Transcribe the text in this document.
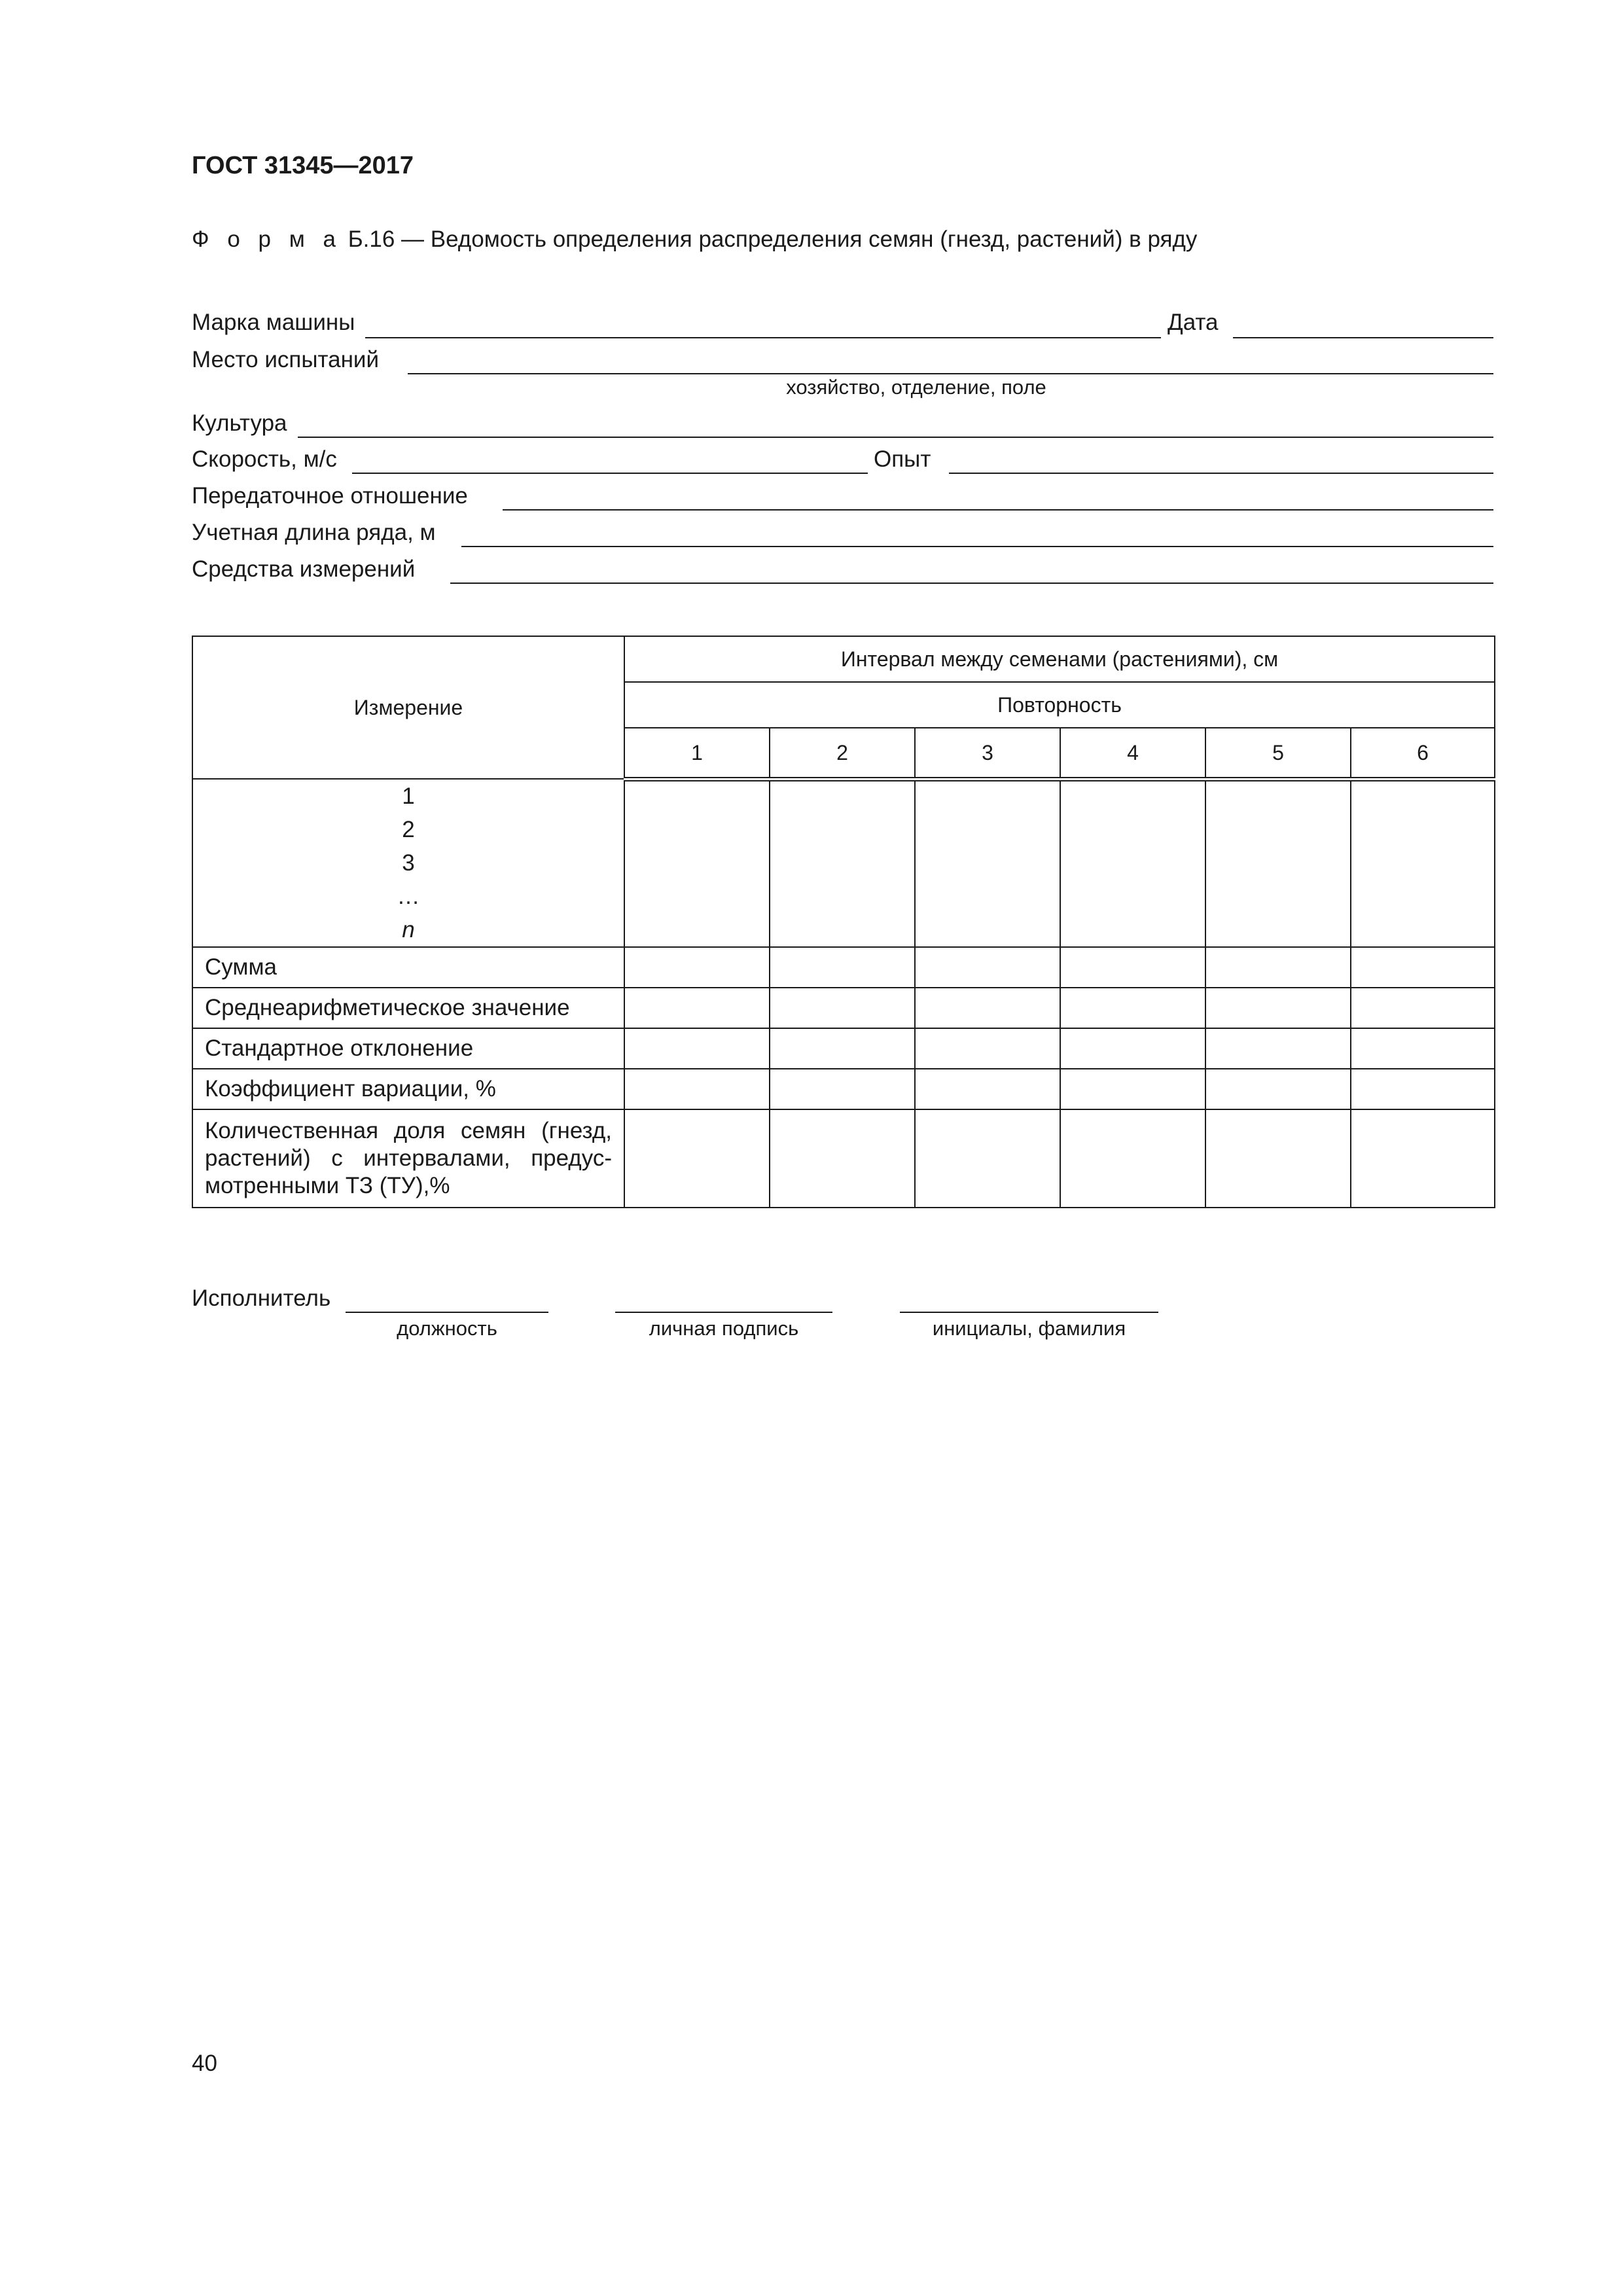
ГОСТ 31345—2017
Ф о р м а Б.16 — Ведомость определения распределения семян (гнезд, растений) в ряду
Марка машины	Дата
Место испытаний
хозяйство, отделение, поле
Культура
Скорость, м/с	Опыт
Передаточное отношение
Учетная длина ряда, м
Средства измерений
Измерение	Интервал между семенами (растениями), см					
	Повторность					
	1	2	3	4	5	6

1
2
3
…
n						

Сумма						
Среднеарифметическое значение						
Стандартное отклонение						
Коэффициент вариации, %						
Количественная доля семян (гнезд, растений) с интервалами, предусмотренными ТЗ (ТУ),%						
Исполнитель
должность	личная подпись	инициалы, фамилия
40
